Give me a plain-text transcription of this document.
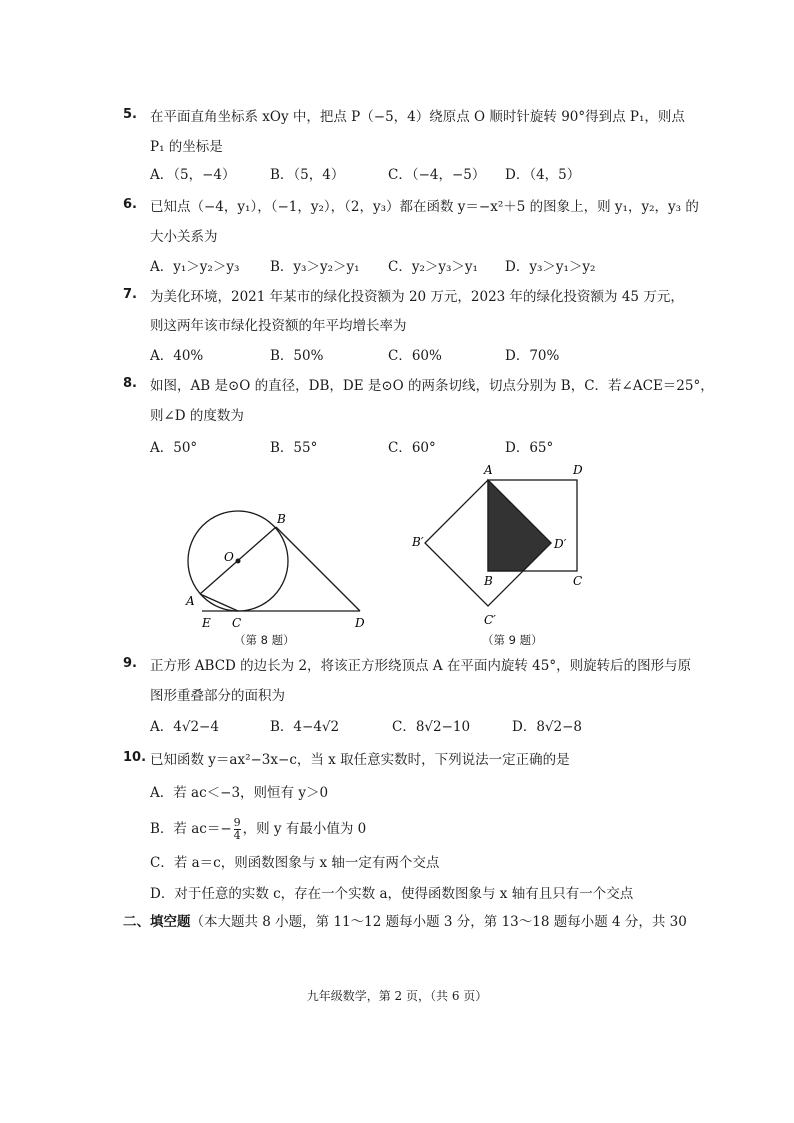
5. 在平面直角坐标系 xOy 中，把点 P（−5，4）绕原点 O 顺时针旋转 90°得到点 P₁，则点
P₁ 的坐标是
A．（5，−4）	B．（5，4）	C．（−4，−5） D．（4，5）
6. 已知点（−4，y₁），（−1，y₂），（2，y₃）都在函数 y＝−x²＋5 的图象上，则 y₁，y₂，y₃ 的
大小关系为
A．y₁＞y₂＞y₃ B．y₃＞y₂＞y₁ C．y₂＞y₃＞y₁ D．y₃＞y₁＞y₂
7. 为美化环境，2021 年某市的绿化投资额为 20 万元，2023 年的绿化投资额为 45 万元，
则这两年该市绿化投资额的年平均增长率为
A．40%	B．50%	C．60%	D．70%
8. 如图，AB 是⊙O 的直径，DB，DE 是⊙O 的两条切线，切点分别为 B，C．若∠ACE＝25°，
则∠D 的度数为
A．50°	B．55°	C．60°	D．65°
O
B
A
E C	D
（第 8 题）
A	D
B′	D′
B	C
C′
（第 9 题）
9. 正方形 ABCD 的边长为 2，将该正方形绕顶点 A 在平面内旋转 45°，则旋转后的图形与原
图形重叠部分的面积为
A．4√2−4	B．4−4√2	C．8√2−10	D．8√2−8
10. 已知函数 y＝ax²−3x−c，当 x 取任意实数时，下列说法一定正确的是
A．若 ac＜−3，则恒有 y＞0
B．若 $ac=- \frac{9}{4}$ ，则 y 有最小值为 0
C．若 a＝c，则函数图象与 x 轴一定有两个交点
D．对于任意的实数 c，存在一个实数 a，使得函数图象与 x 轴有且只有一个交点
二、填空题（本大题共 8 小题，第 11～12 题每小题 3 分，第 13～18 题每小题 4 分，共 30
九年级数学，第 2 页，（共 6 页）
